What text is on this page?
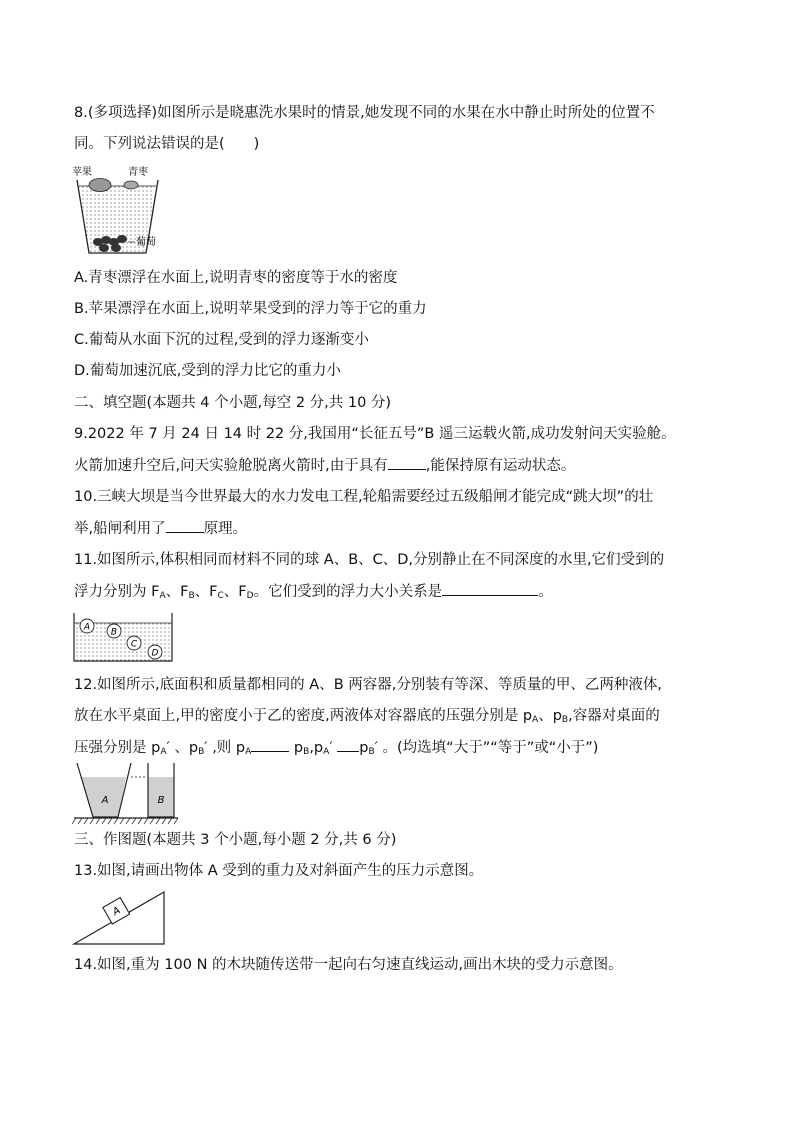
8.(多项选择)如图所示是晓惠洗水果时的情景,她发现不同的水果在水中静止时所处的位置不
同。下列说法错误的是(　　)
苹果	青枣
葡萄
A.青枣漂浮在水面上,说明青枣的密度等于水的密度
B.苹果漂浮在水面上,说明苹果受到的浮力等于它的重力
C.葡萄从水面下沉的过程,受到的浮力逐渐变小
D.葡萄加速沉底,受到的浮力比它的重力小
二、填空题(本题共 4 个小题,每空 2 分,共 10 分)
9.2022 年 7 月 24 日 14 时 22 分,我国用“长征五号”B 遥三运载火箭,成功发射问天实验舱。
火箭加速升空后,问天实验舱脱离火箭时,由于具有	,能保持原有运动状态。
10.三峡大坝是当今世界最大的水力发电工程,轮船需要经过五级船闸才能完成“跳大坝”的壮
举,船闸利用了	原理。
11.如图所示,体积相同而材料不同的球 A、B、C、D,分别静止在不同深度的水里,它们受到的
浮力分别为 $F_A$、$F_B$、$F_C$、$F_D$。它们受到的浮力大小关系是	。
A B
C
D
12.如图所示,底面积和质量都相同的 A、B 两容器,分别装有等深、等质量的甲、乙两种液体,
放在水平桌面上,甲的密度小于乙的密度,两液体对容器底的压强分别是 $p_A$、$p_B$,容器对桌面的
压强分别是 $p_A'$ 、$p_B'$ ,则 $p_A$	$p_B,p_A'$ $p_B'$ 。(均选填“大于”“等于”或“小于”)
A	B
三、作图题(本题共 3 个小题,每小题 2 分,共 6 分)
13.如图,请画出物体 A 受到的重力及对斜面产生的压力示意图。
A
14.如图,重为 100 N 的木块随传送带一起向右匀速直线运动,画出木块的受力示意图。
